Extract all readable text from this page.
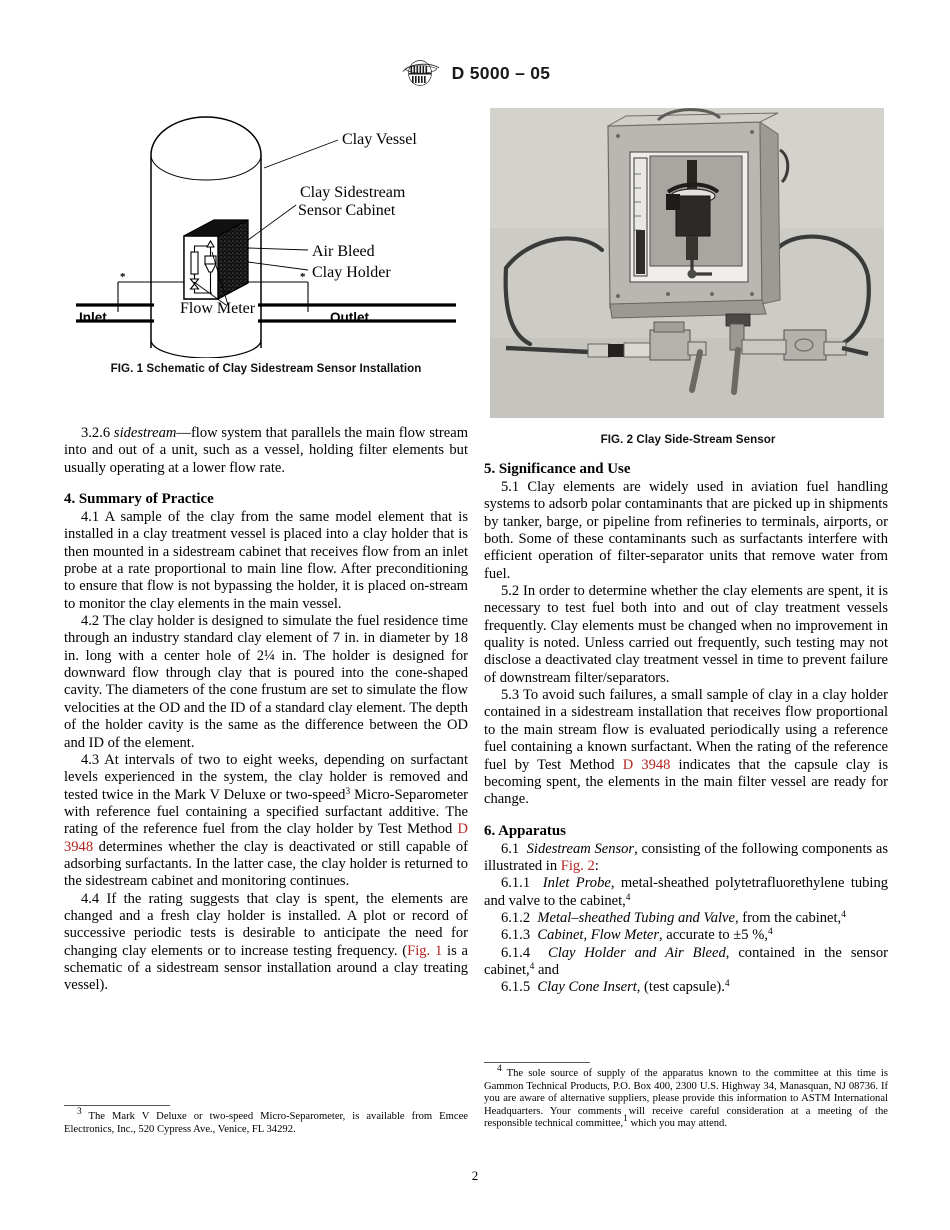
D 5000 – 05
*	*
Clay Vessel
Clay Sidestream
Sensor Cabinet
Air Bleed
Clay Holder
Flow Meter
Inlet	Outlet
FIG. 1 Schematic of Clay Sidestream Sensor Installation
FIG. 2 Clay Side-Stream Sensor

3.2.6 sidestream—flow system that parallels the main flow stream into and out of a unit, such as a vessel, holding filter elements but usually operating at a lower flow rate.

4. Summary of Practice

4.1 A sample of the clay from the same model element that is installed in a clay treatment vessel is placed into a clay holder that is then mounted in a sidestream cabinet that receives flow from an inlet probe at a rate proportional to main line flow. After preconditioning to ensure that flow is not bypassing the holder, it is placed on-stream to monitor the clay elements in the main vessel.

4.2 The clay holder is designed to simulate the fuel residence time through an industry standard clay element of 7 in. in diameter by 18 in. long with a center hole of 2¼ in. The holder is designed for downward flow through clay that is poured into the cone-shaped cavity. The diameters of the cone frustum are set to simulate the flow velocities at the OD and the ID of a standard clay element. The depth of the holder cavity is the same as the difference between the OD and ID of the element.

4.3 At intervals of two to eight weeks, depending on surfactant levels experienced in the system, the clay holder is removed and tested twice in the Mark V Deluxe or two-speed$^3$ Micro-Separometer with reference fuel containing a specified surfactant additive. The rating of the reference fuel from the clay holder by Test Method D 3948 determines whether the clay is deactivated or still capable of adsorbing surfactants. In the latter case, the clay holder is returned to the sidestream cabinet and monitoring continues.

4.4 If the rating suggests that clay is spent, the elements are changed and a fresh clay holder is installed. A plot or record of successive periodic tests is desirable to anticipate the need for changing clay elements or to increase testing frequency. (Fig. 1 is a schematic of a sidestream sensor installation around a clay treating vessel).

5. Significance and Use

5.1 Clay elements are widely used in aviation fuel handling systems to adsorb polar contaminants that are picked up in shipments by tanker, barge, or pipeline from refineries to terminals, airports, or both. Some of these contaminants such as surfactants interfere with efficient operation of filter-separator units that remove water from fuel.

5.2 In order to determine whether the clay elements are spent, it is necessary to test fuel both into and out of clay treatment vessels frequently. Clay elements must be changed when no improvement in quality is noted. Unless carried out frequently, such testing may not disclose a deactivated clay treatment vessel in time to prevent failure of downstream filter/separators.

5.3 To avoid such failures, a small sample of clay in a clay holder contained in a sidestream installation that receives flow proportional to the main stream flow is evaluated periodically using a reference fuel containing a known surfactant. When the rating of the reference fuel by Test Method D 3948 indicates that the capsule clay is becoming spent, the elements in the main filter vessel are ready for change.

6. Apparatus

6.1 Sidestream Sensor, consisting of the following components as illustrated in Fig. 2:

6.1.1 Inlet Probe, metal-sheathed polytetrafluorethylene tubing and valve to the cabinet,$^4$

6.1.2 Metal–sheathed Tubing and Valve, from the cabinet,$^4$

6.1.3 Cabinet, Flow Meter, accurate to ±5 %,$^4$

6.1.4 Clay Holder and Air Bleed, contained in the sensor cabinet,$^4$ and

6.1.5 Clay Cone Insert, (test capsule).$^4$

$^3$ The Mark V Deluxe or two-speed Micro-Separometer, is available from Emcee Electronics, Inc., 520 Cypress Ave., Venice, FL 34292.

$^4$ The sole source of supply of the apparatus known to the committee at this time is Gammon Technical Products, P.O. Box 400, 2300 U.S. Highway 34, Manasquan, NJ 08736. If you are aware of alternative suppliers, please provide this information to ASTM International Headquarters. Your comments will receive careful consideration at a meeting of the responsible technical committee,$^1$ which you may attend.

2
